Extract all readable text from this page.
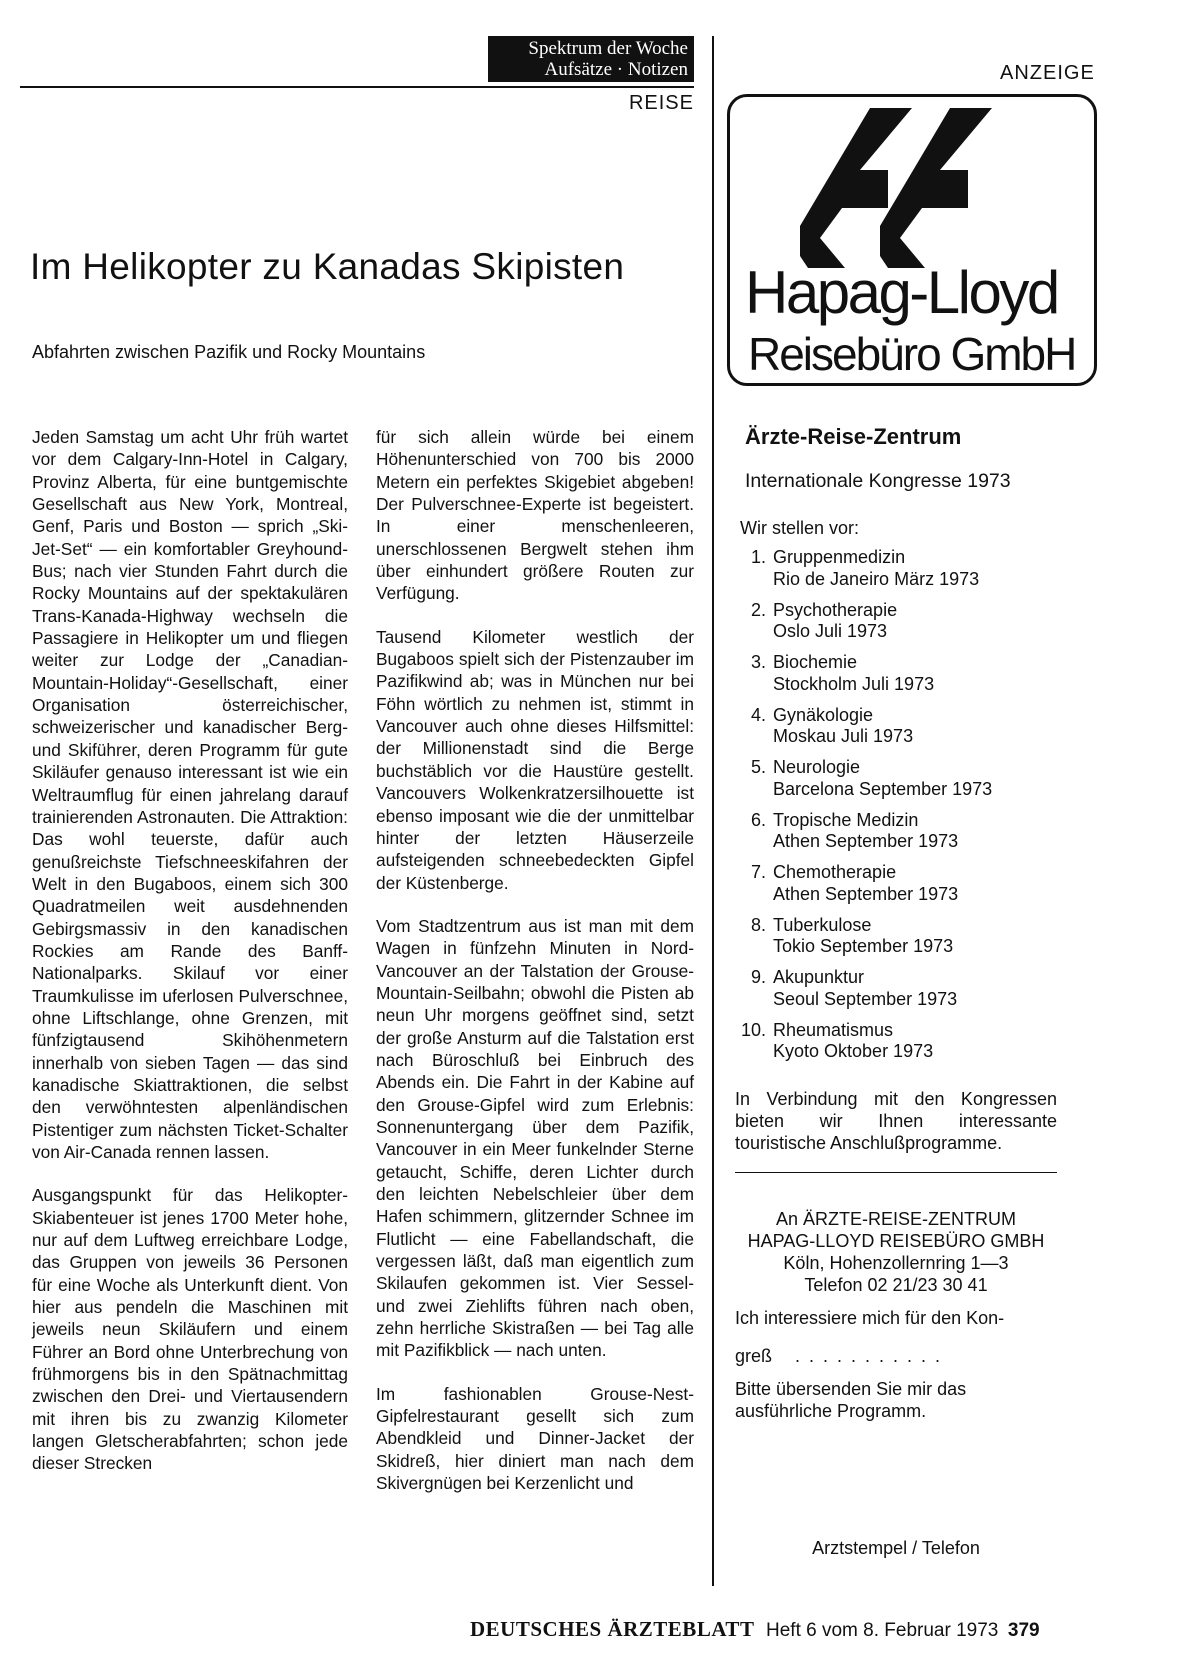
Spektrum der Woche
Aufsätze · Notizen
REISE
Im Helikopter zu Kanadas Skipisten
Abfahrten zwischen Pazifik und Rocky Mountains

Jeden Samstag um acht Uhr früh wartet vor dem Calgary-Inn-Hotel in Calgary, Provinz Alberta, für eine buntgemischte Gesellschaft aus New York, Montreal, Genf, Paris und Boston — sprich „Ski-Jet-Set“ — ein komfortabler Greyhound-Bus; nach vier Stunden Fahrt durch die Rocky Mountains auf der spektakulären Trans-Kanada-Highway wechseln die Passagiere in Helikopter um und fliegen weiter zur Lodge der „Canadian-Mountain-Holiday“-Gesellschaft, einer Organisation österreichischer, schweizerischer und kanadischer Berg- und Skiführer, deren Programm für gute Skiläufer genauso interessant ist wie ein Weltraumflug für einen jahrelang darauf trainierenden Astronauten. Die Attraktion: Das wohl teuerste, dafür auch genußreichste Tiefschneeskifahren der Welt in den Bugaboos, einem sich 300 Quadratmeilen weit ausdehnenden Gebirgsmassiv in den kanadischen Rockies am Rande des Banff-Nationalparks. Skilauf vor einer Traumkulisse im uferlosen Pulverschnee, ohne Liftschlange, ohne Grenzen, mit fünfzigtausend Skihöhenmetern innerhalb von sieben Tagen — das sind kanadische Skiattraktionen, die selbst den verwöhntesten alpenländischen Pistentiger zum nächsten Ticket-Schalter von Air-Canada rennen lassen.

Ausgangspunkt für das Helikopter-Skiabenteuer ist jenes 1700 Meter hohe, nur auf dem Luftweg erreichbare Lodge, das Gruppen von jeweils 36 Personen für eine Woche als Unterkunft dient. Von hier aus pendeln die Maschinen mit jeweils neun Skiläufern und einem Führer an Bord ohne Unterbrechung von frühmorgens bis in den Spätnachmittag zwischen den Drei- und Viertausendern mit ihren bis zu zwanzig Kilometer langen Gletscherabfahrten; schon jede dieser Strecken

für sich allein würde bei einem Höhenunterschied von 700 bis 2000 Metern ein perfektes Skigebiet abgeben! Der Pulverschnee-Experte ist begeistert. In einer menschenleeren, unerschlossenen Bergwelt stehen ihm über einhundert größere Routen zur Verfügung.

Tausend Kilometer westlich der Bugaboos spielt sich der Pistenzauber im Pazifikwind ab; was in München nur bei Föhn wörtlich zu nehmen ist, stimmt in Vancouver auch ohne dieses Hilfsmittel: der Millionenstadt sind die Berge buchstäblich vor die Haustüre gestellt. Vancouvers Wolkenkratzersilhouette ist ebenso imposant wie die der unmittelbar hinter der letzten Häuserzeile aufsteigenden schneebedeckten Gipfel der Küstenberge.

Vom Stadtzentrum aus ist man mit dem Wagen in fünfzehn Minuten in Nord-Vancouver an der Talstation der Grouse-Mountain-Seilbahn; obwohl die Pisten ab neun Uhr morgens geöffnet sind, setzt der große Ansturm auf die Talstation erst nach Büroschluß bei Einbruch des Abends ein. Die Fahrt in der Kabine auf den Grouse-Gipfel wird zum Erlebnis: Sonnenuntergang über dem Pazifik, Vancouver in ein Meer funkelnder Sterne getaucht, Schiffe, deren Lichter durch den leichten Nebelschleier über dem Hafen schimmern, glitzernder Schnee im Flutlicht — eine Fabellandschaft, die vergessen läßt, daß man eigentlich zum Skilaufen gekommen ist. Vier Sessel- und zwei Ziehlifts führen nach oben, zehn herrliche Skistraßen — bei Tag alle mit Pazifikblick — nach unten.

Im fashionablen Grouse-Nest-Gipfelrestaurant gesellt sich zum Abendkleid und Dinner-Jacket der Skidreß, hier diniert man nach dem Skivergnügen bei Kerzenlicht und

ANZEIGE
Hapag-Lloyd
Reisebüro GmbH
Ärzte-Reise-Zentrum
Internationale Kongresse 1973
Wir stellen vor:
1. Gruppenmedizin
Rio de Janeiro März 1973
2. Psychotherapie
Oslo Juli 1973
3. Biochemie
Stockholm Juli 1973
4. Gynäkologie
Moskau Juli 1973
5. Neurologie
Barcelona September 1973
6. Tropische Medizin
Athen September 1973
7. Chemotherapie
Athen September 1973
8. Tuberkulose
Tokio September 1973
9. Akupunktur
Seoul September 1973
10. Rheumatismus
Kyoto Oktober 1973
In Verbindung mit den Kongressen bieten wir Ihnen interessante touristische Anschlußprogramme.
An ÄRZTE-REISE-ZENTRUM
HAPAG-LLOYD REISEBÜRO GMBH
Köln, Hohenzollernring 1—3
Telefon 02 21/23 30 41
Ich interessiere mich für den Kon-
greß . . . . . . . . . . .
Bitte übersenden Sie mir das ausführliche Programm.
Arztstempel / Telefon
DEUTSCHES ÄRZTEBLATT Heft 6 vom 8. Februar 1973 379
